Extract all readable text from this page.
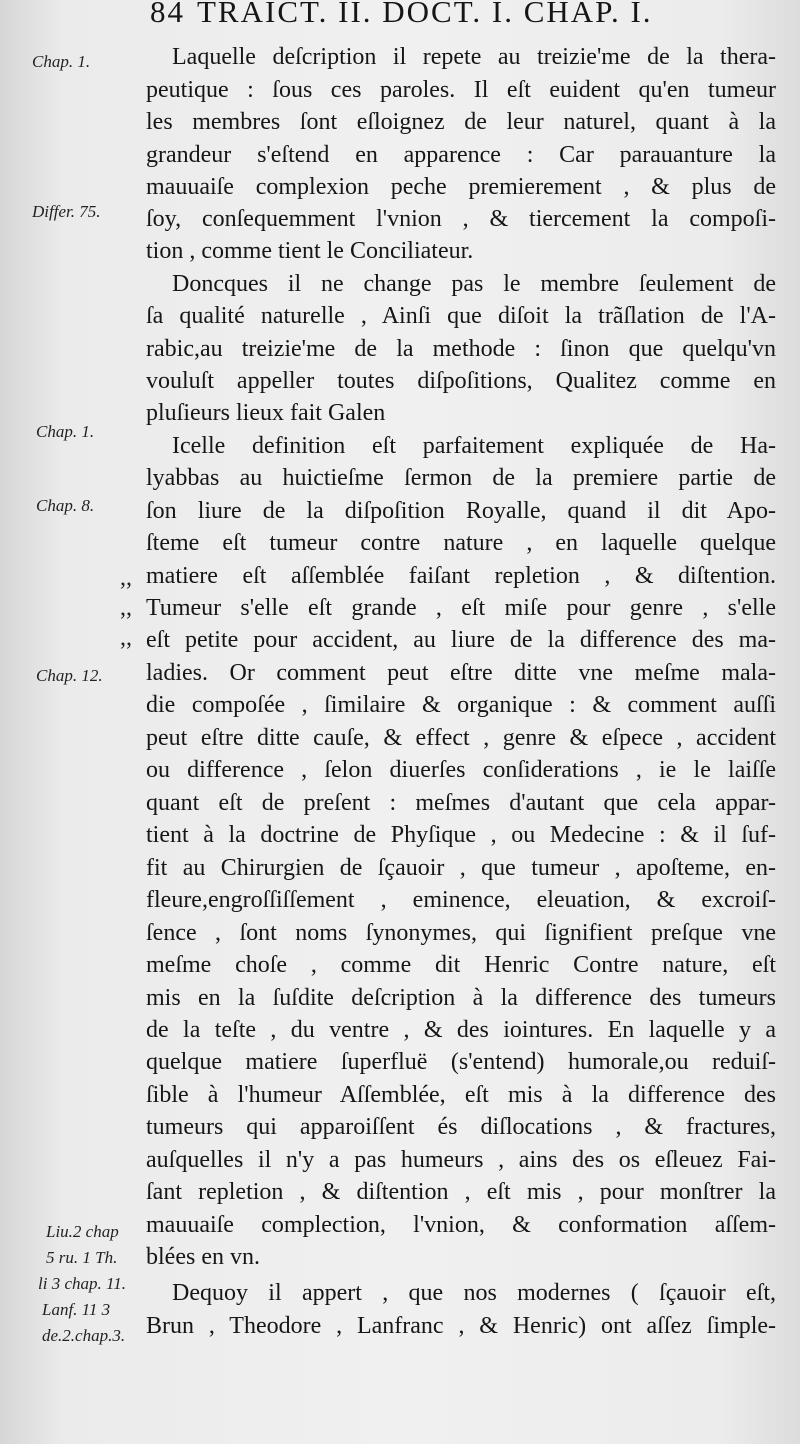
84 TRAICT. II. DOCT. I. CHAP. I.
Chap. 1.
Differ. 75.
Chap. 1.
Chap. 8.
Chap. 12.
Liu.2 chap
5 ru. 1 Th.
li 3 chap. 11.
Lanf. 11 3
de.2.chap.3.
,,
,,
,,
Laquelle deſcription il repete au treizie'me de la thera-
peutique : ſous ces paroles. Il eſt euident qu'en tumeur
les membres ſont eſloignez de leur naturel, quant à la
grandeur s'eſtend en apparence : Car parauanture la
mauuaiſe complexion peche premierement , & plus de
ſoy, conſequemment l'vnion , & tiercement la compoſi-
tion , comme tient le Conciliateur.
Doncques il ne change pas le membre ſeulement de
ſa qualité naturelle , Ainſi que diſoit la trãſlation de l'A-
rabic,au treizie'me de la methode : ſinon que quelqu'vn
vouluſt appeller toutes diſpoſitions, Qualitez comme en
pluſieurs lieux fait Galen
Icelle definition eſt parfaitement expliquée de Ha-
lyabbas au huictieſme ſermon de la premiere partie de
ſon liure de la diſpoſition Royalle, quand il dit Apo-
ſteme eſt tumeur contre nature , en laquelle quelque
matiere eſt aſſemblée faiſant repletion , & diſtention.
Tumeur s'elle eſt grande , eſt miſe pour genre , s'elle
eſt petite pour accident, au liure de la difference des ma-
ladies. Or comment peut eſtre ditte vne meſme mala-
die compoſée , ſimilaire & organique : & comment auſſi
peut eſtre ditte cauſe, & effect , genre & eſpece , accident
ou difference , ſelon diuerſes conſiderations , ie le laiſſe
quant eſt de preſent : meſmes d'autant que cela appar-
tient à la doctrine de Phyſique , ou Medecine : & il ſuf-
fit au Chirurgien de ſçauoir , que tumeur , apoſteme, en-
fleure,engroſſiſſement , eminence, eleuation, & excroiſ-
ſence , ſont noms ſynonymes, qui ſignifient preſque vne
meſme choſe , comme dit Henric Contre nature, eſt
mis en la ſuſdite deſcription à la difference des tumeurs
de la teſte , du ventre , & des iointures. En laquelle y a
quelque matiere ſuperfluë (s'entend) humorale,ou reduiſ-
ſible à l'humeur Aſſemblée, eſt mis à la difference des
tumeurs qui apparoiſſent és diſlocations , & fractures,
auſquelles il n'y a pas humeurs , ains des os eſleuez Fai-
ſant repletion , & diſtention , eſt mis , pour monſtrer la
mauuaiſe complection, l'vnion, & conformation aſſem-
blées en vn.
Dequoy il appert , que nos modernes ( ſçauoir eſt,
Brun , Theodore , Lanfranc , & Henric) ont aſſez ſimple-
